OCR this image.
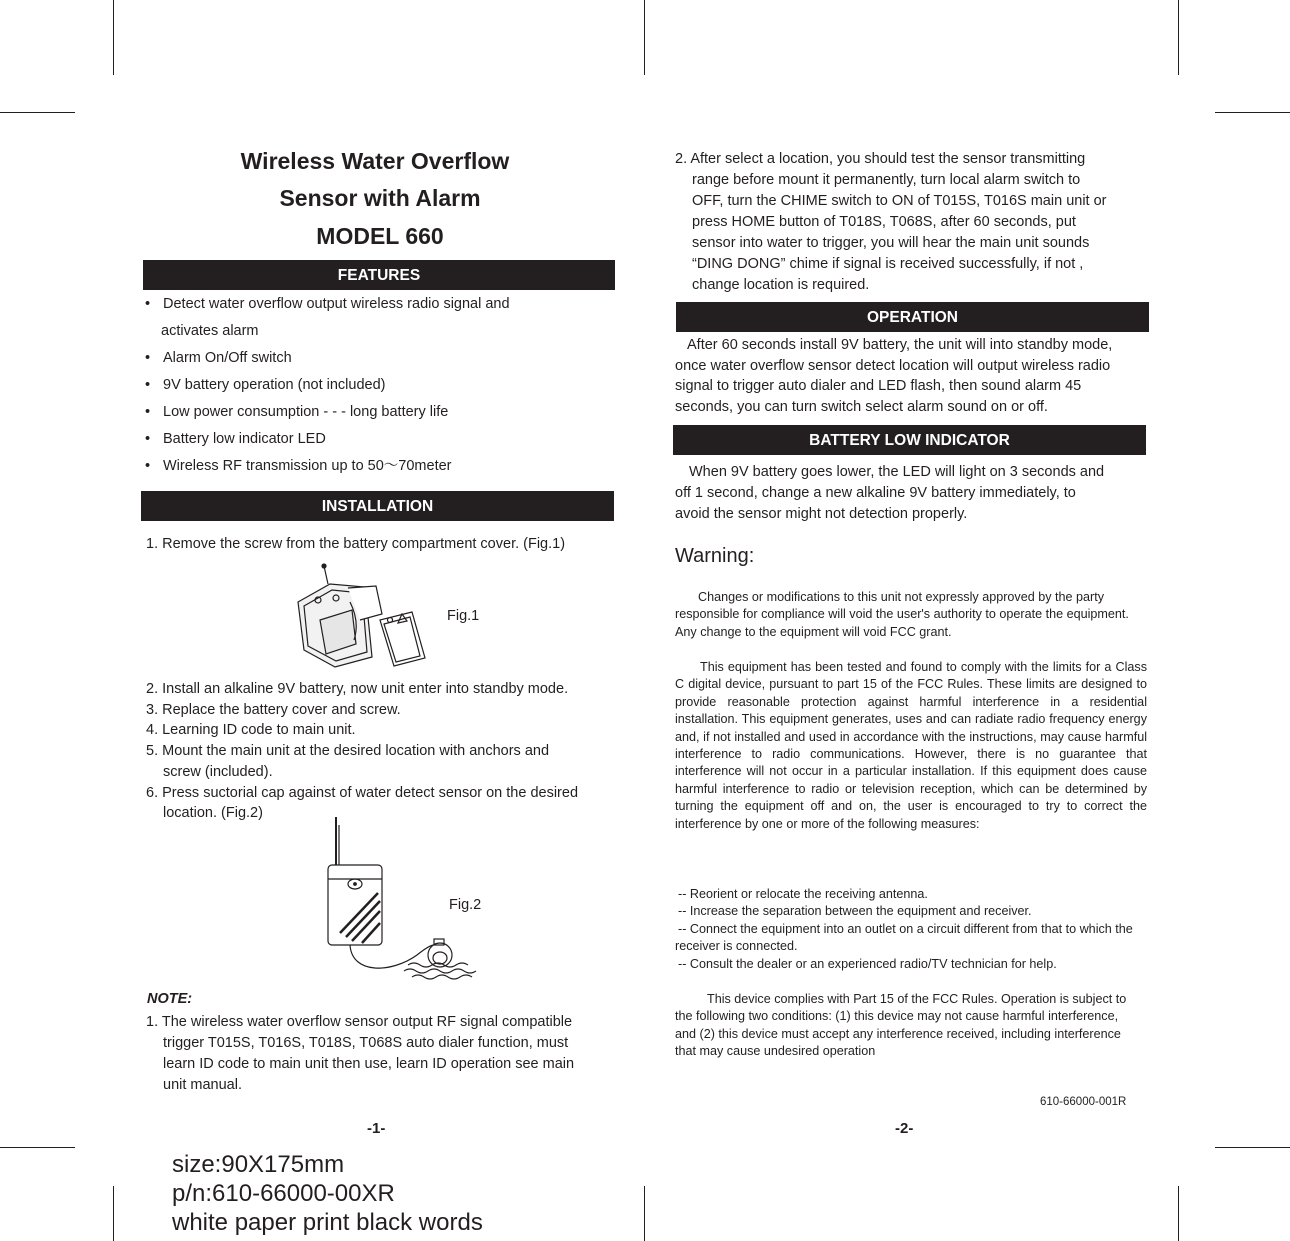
Wireless Water Overflow
Sensor with Alarm
MODEL 660
FEATURES
• Detect water overflow output wireless radio signal and
activates alarm
• Alarm On/Off switch
• 9V battery operation (not included)
• Low power consumption - - - long battery life
• Battery low indicator LED
• Wireless RF transmission up to 50～70meter
INSTALLATION
1. Remove the screw from the battery compartment cover. (Fig.1)
Fig.1
2. Install an alkaline 9V battery, now unit enter into standby mode.
3. Replace the battery cover and screw.
4. Learning ID code to main unit.
5. Mount the main unit at the desired location with anchors and
screw (included).
6. Press suctorial cap against of water detect sensor on the desired
location. (Fig.2)
Fig.2
NOTE:
1. The wireless water overflow sensor output RF signal compatible
trigger T015S, T016S, T018S, T068S auto dialer function, must
learn ID code to main unit then use, learn ID operation see main
unit manual.
-1-
2. After select a location, you should test the sensor transmitting
range before mount it permanently, turn local alarm switch to
OFF, turn the CHIME switch to ON of T015S, T016S main unit or
press HOME button of T018S, T068S, after 60 seconds, put
sensor into water to trigger, you will hear the main unit sounds
“DING DONG” chime if signal is received successfully, if not ,
change location is required.
OPERATION
After 60 seconds install 9V battery, the unit will into standby mode,
once water overflow sensor detect location will output wireless radio
signal to trigger auto dialer and LED flash, then sound alarm 45
seconds, you can turn switch select alarm sound on or off.
BATTERY LOW INDICATOR
When 9V battery goes lower, the LED will light on 3 seconds and
off 1 second, change a new alkaline 9V battery immediately, to
avoid the sensor might not detection properly.
Warning:
Changes or modifications to this unit not expressly approved by the party responsible for compliance will void the user's authority to operate the equipment. Any change to the equipment will void FCC grant.
This equipment has been tested and found to comply with the limits for a Class C digital device, pursuant to part 15 of the FCC Rules. These limits are designed to provide reasonable protection against harmful interference in a residential installation. This equipment generates, uses and can radiate radio frequency energy and, if not installed and used in accordance with the instructions, may cause harmful interference to radio communications. However, there is no guarantee that interference will not occur in a particular installation. If this equipment does cause harmful interference to radio or television reception, which can be determined by turning the equipment off and on, the user is encouraged to try to correct the interference by one or more of the following measures:
-- Reorient or relocate the receiving antenna.
-- Increase the separation between the equipment and receiver.
-- Connect the equipment into an outlet on a circuit different from that to which the receiver is connected.
-- Consult the dealer or an experienced radio/TV technician for help.
This device complies with Part 15 of the FCC Rules. Operation is subject to the following two conditions: (1) this device may not cause harmful interference, and (2) this device must accept any interference received, including interference that may cause undesired operation
610-66000-001R
-2-
size:90X175mm
p/n:610-66000-00XR
white paper print black words
